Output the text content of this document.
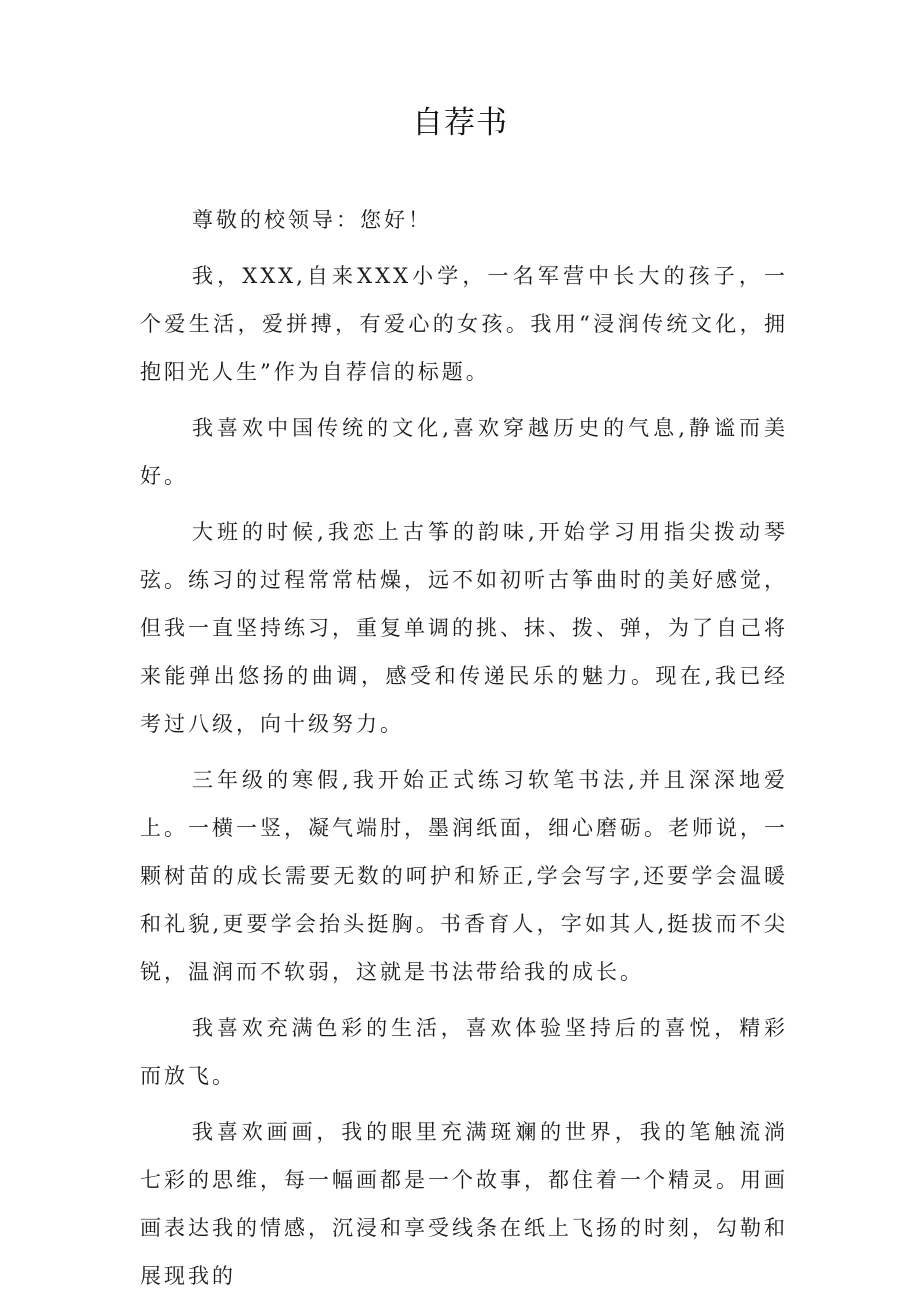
自荐书

尊敬的校领导：您好！

我，XXX,自来XXX小学，一名军营中长大的孩子，一个爱生活，爱拼搏，有爱心的女孩。我用“浸润传统文化，拥抱阳光人生”作为自荐信的标题。

我喜欢中国传统的文化,喜欢穿越历史的气息,静谧而美好。

大班的时候,我恋上古筝的韵味,开始学习用指尖拨动琴弦。练习的过程常常枯燥，远不如初听古筝曲时的美好感觉，但我一直坚持练习，重复单调的挑、抹、拨、弹，为了自己将来能弹出悠扬的曲调，感受和传递民乐的魅力。现在,我已经考过八级，向十级努力。

三年级的寒假,我开始正式练习软笔书法,并且深深地爱上。一横一竖，凝气端肘，墨润纸面，细心磨砺。老师说，一颗树苗的成长需要无数的呵护和矫正,学会写字,还要学会温暖和礼貌,更要学会抬头挺胸。书香育人，字如其人,挺拔而不尖锐，温润而不软弱，这就是书法带给我的成长。

我喜欢充满色彩的生活，喜欢体验坚持后的喜悦，精彩而放飞。

我喜欢画画，我的眼里充满斑斓的世界，我的笔触流淌七彩的思维，每一幅画都是一个故事，都住着一个精灵。用画画表达我的情感，沉浸和享受线条在纸上飞扬的时刻，勾勒和展现我的
